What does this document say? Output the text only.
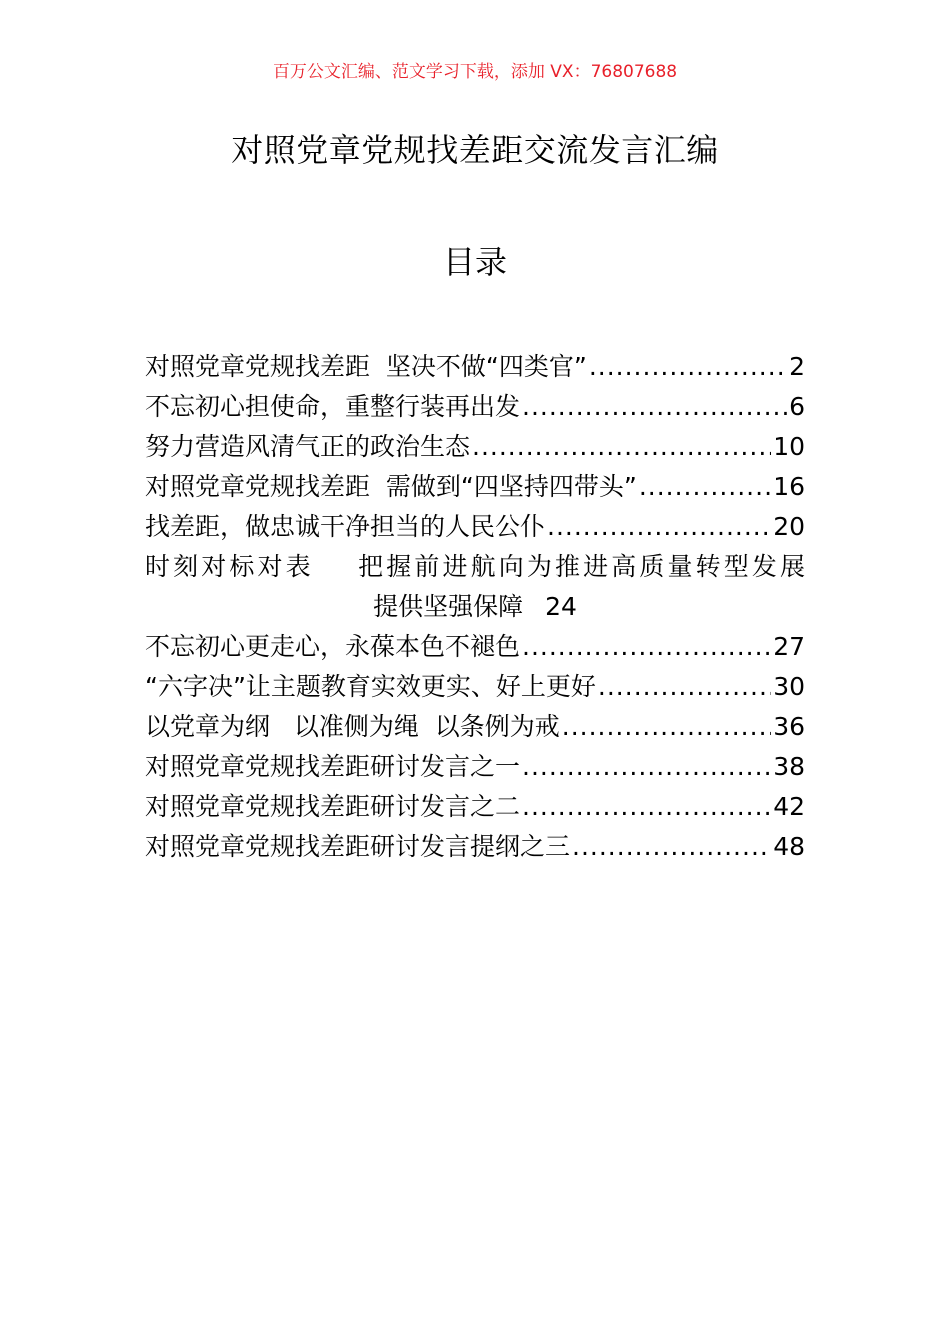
百万公文汇编、范文学习下载，添加 VX：76807688
对照党章党规找差距交流发言汇编
目录
对照党章党规找差距  坚决不做“四类官” .....	2
不忘初心担使命，重整行装再出发 .....	6
努力营造风清气正的政治生态 .....	10
对照党章党规找差距  需做到“四坚持四带头” .....	16
找差距，做忠诚干净担当的人民公仆 .....	20
时刻对标对表    把握前进航向为推进高质量转型发展
提供坚强保障 24
不忘初心更走心，永葆本色不褪色 .....	27
“六字决”让主题教育实效更实、好上更好 .....	30
以党章为纲   以准侧为绳  以条例为戒 .....	36
对照党章党规找差距研讨发言之一 .....	38
对照党章党规找差距研讨发言之二 .....	42
对照党章党规找差距研讨发言提纲之三 .....	48
